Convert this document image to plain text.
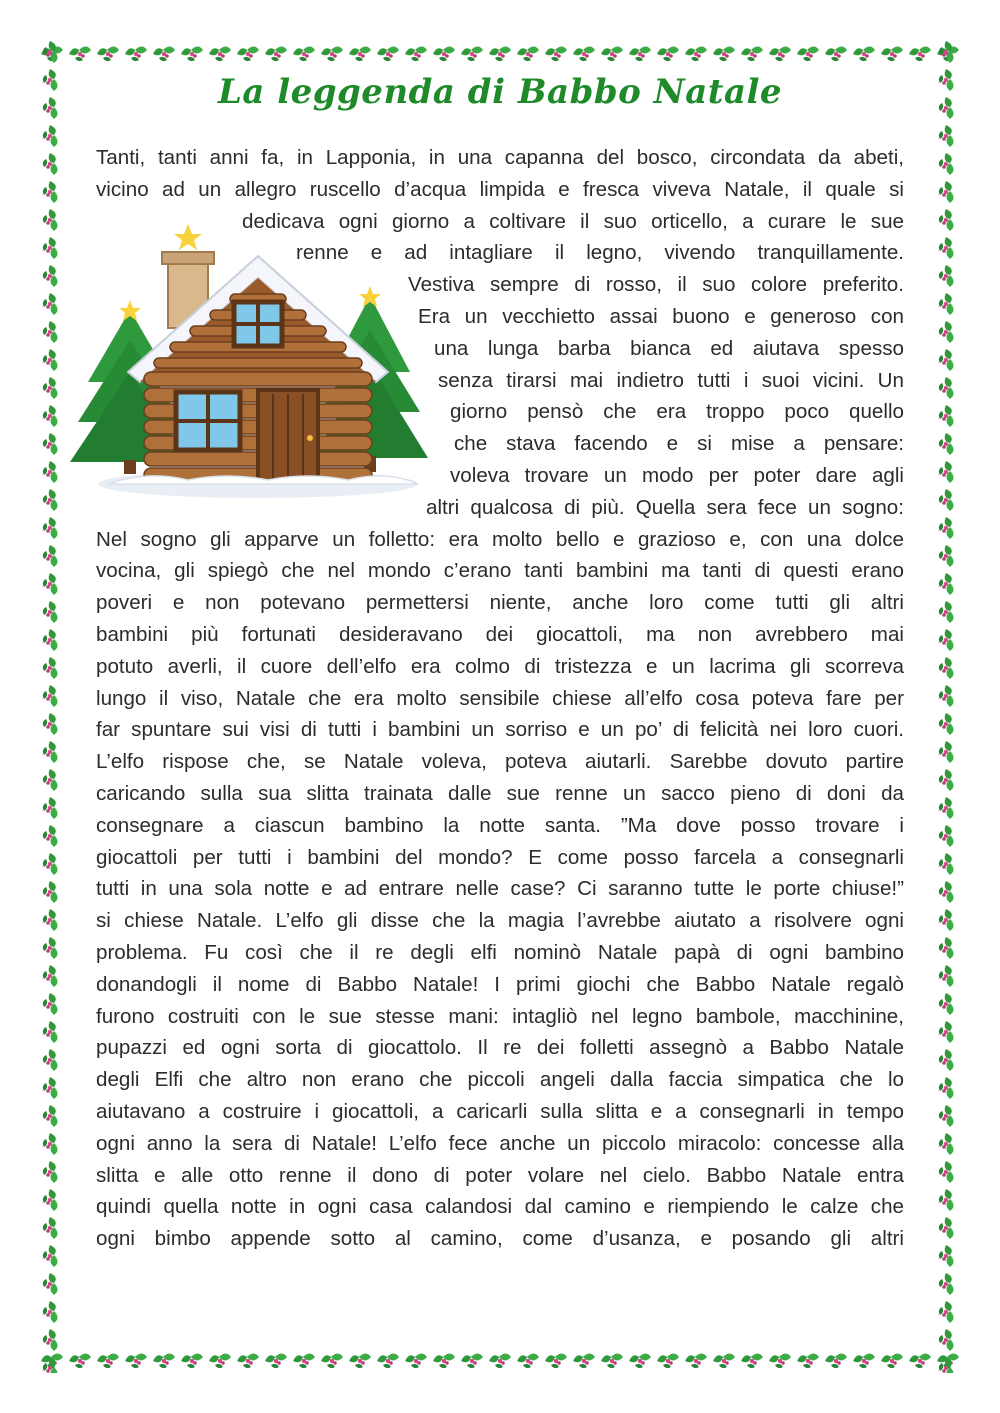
La leggenda di Babbo Natale
Tanti, tanti anni fa, in Lapponia, in una capanna del bosco, circondata da abeti,
vicino ad un allegro ruscello d’acqua limpida e fresca viveva Natale, il quale si
dedicava ogni giorno a coltivare il suo orticello, a curare le sue
renne e ad intagliare il legno, vivendo tranquillamente.
Vestiva sempre di rosso, il suo colore preferito.
Era un vecchietto assai buono e generoso con
una lunga barba bianca ed aiutava spesso
senza tirarsi mai indietro tutti i suoi vicini. Un
giorno pensò che era troppo poco quello
che stava facendo e si mise a pensare:
voleva trovare un modo per poter dare agli
altri qualcosa di più. Quella sera fece un sogno:
Nel sogno gli apparve un folletto: era molto bello e grazioso e, con una dolce
vocina, gli spiegò che nel mondo c’erano tanti bambini ma tanti di questi erano
poveri e non potevano permettersi niente, anche loro come tutti gli altri
bambini più fortunati desideravano dei giocattoli, ma non avrebbero mai
potuto averli, il cuore dell’elfo era colmo di tristezza e un lacrima gli scorreva
lungo il viso, Natale che era molto sensibile chiese all’elfo cosa poteva fare per
far spuntare sui visi di tutti i bambini un sorriso e un po’ di felicità nei loro cuori.
L’elfo rispose che, se Natale voleva, poteva aiutarli. Sarebbe dovuto partire
caricando sulla sua slitta trainata dalle sue renne un sacco pieno di doni da
consegnare a ciascun bambino la notte santa. ”Ma dove posso trovare i
giocattoli per tutti i bambini del mondo? E come posso farcela a consegnarli
tutti in una sola notte e ad entrare nelle case? Ci saranno tutte le porte chiuse!”
si chiese Natale. L’elfo gli disse che la magia l’avrebbe aiutato a risolvere ogni
problema. Fu così che il re degli elfi nominò Natale papà di ogni bambino
donandogli il nome di Babbo Natale! I primi giochi che Babbo Natale regalò
furono costruiti con le sue stesse mani: intagliò nel legno bambole, macchinine,
pupazzi ed ogni sorta di giocattolo. Il re dei folletti assegnò a Babbo Natale
degli Elfi che altro non erano che piccoli angeli dalla faccia simpatica che lo
aiutavano a costruire i giocattoli, a caricarli sulla slitta e a consegnarli in tempo
ogni anno la sera di Natale! L’elfo fece anche un piccolo miracolo: concesse alla
slitta e alle otto renne il dono di poter volare nel cielo. Babbo Natale entra
quindi quella notte in ogni casa calandosi dal camino e riempiendo le calze che
ogni bimbo appende sotto al camino, come d’usanza, e posando gli altri
